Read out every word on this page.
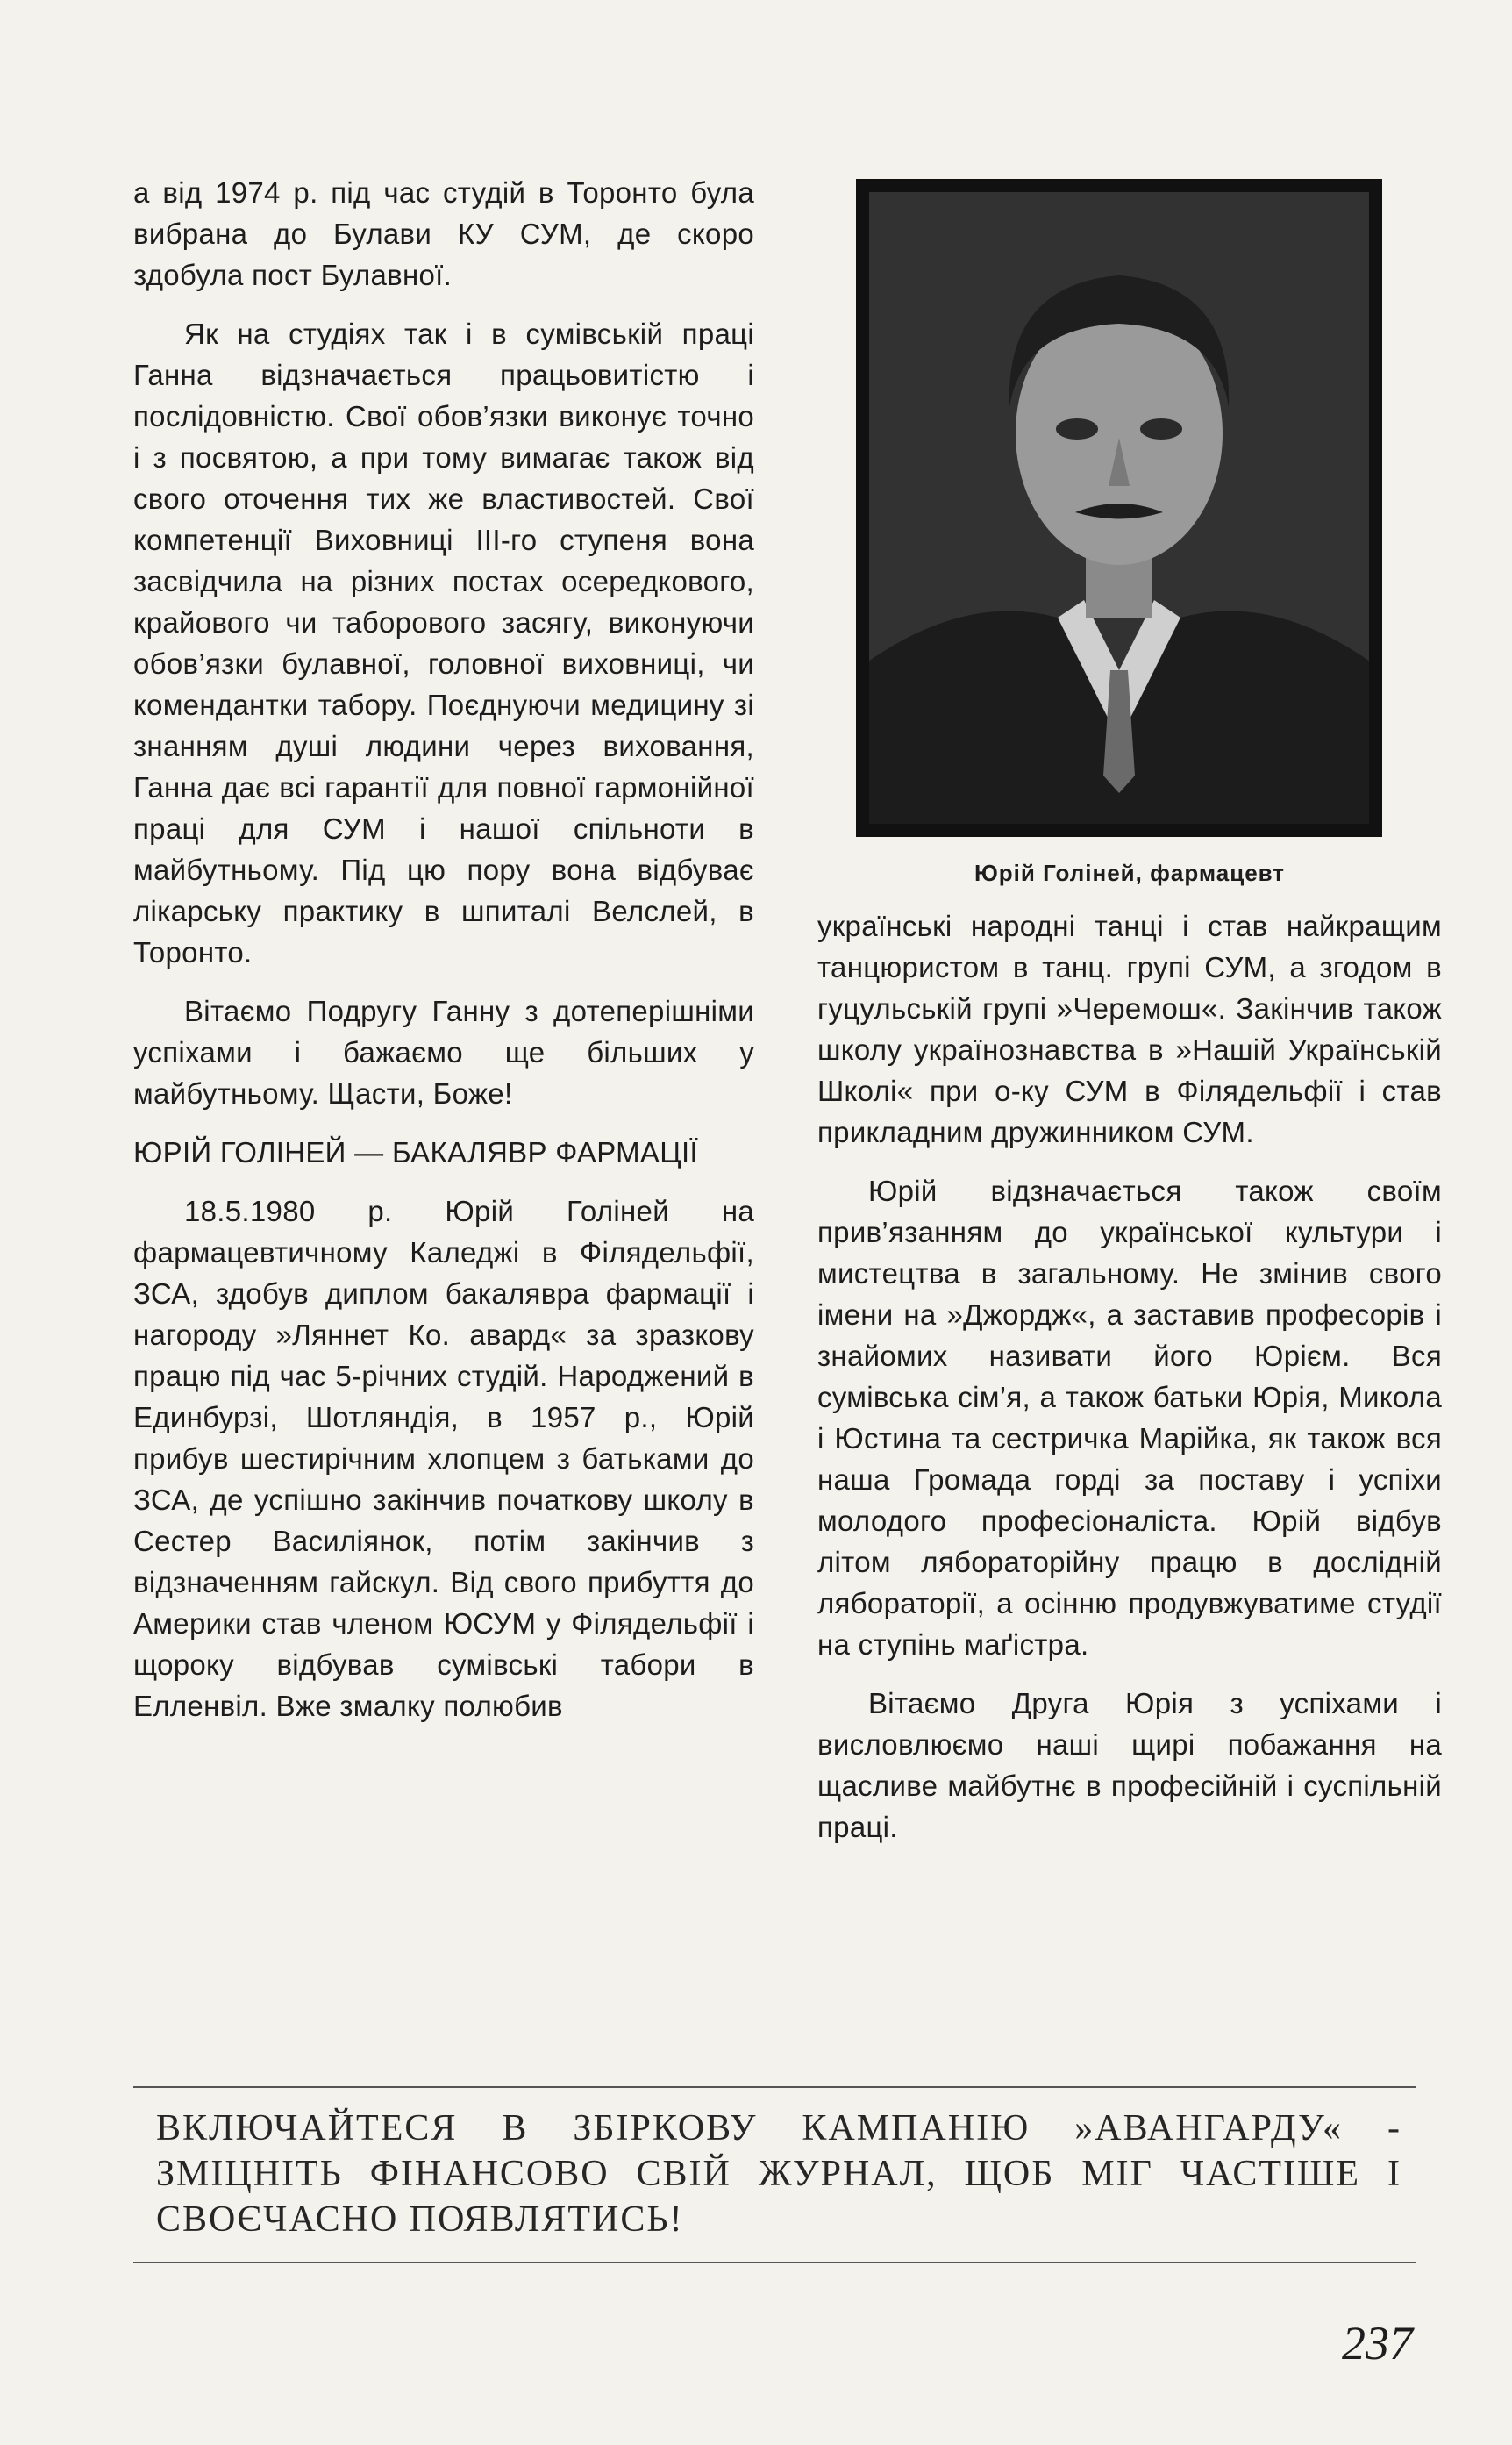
а від 1974 р. під час студій в Торонто була вибрана до Булави КУ СУМ, де скоро здобула пост Булавної.

Як на студіях так і в сумівській праці Ганна відзначається працьовитістю і послідовністю. Свої обов’язки виконує точно і з посвятою, а при тому вимагає також від свого оточення тих же властивостей. Свої компетенції Виховниці ІІІ-го ступеня вона засвідчила на різних постах осередкового, крайового чи таборового засягу, виконуючи обов’язки булавної, головної виховниці, чи комендантки табору. Поєднуючи медицину зі знанням душі людини через виховання, Ганна дає всі гарантії для повної гармонійної праці для СУМ і нашої спільноти в майбутньому. Під цю пору вона відбуває лікарську практику в шпиталі Велслей, в Торонто.

Вітаємо Подругу Ганну з дотеперішніми успіхами і бажаємо ще більших у майбутньому. Щасти, Боже!

ЮРІЙ ГОЛІНЕЙ — БАКАЛЯВР ФАРМАЦІЇ

18.5.1980 р. Юрій Голіней на фармацевтичному Каледжі в Філядельфії, ЗСА, здобув диплом бакалявра фармації і нагороду »Ляннет Ко. авард« за зразкову працю під час 5-річних студій. Народжений в Единбурзі, Шотляндія, в 1957 р., Юрій прибув шестирічним хлопцем з батьками до ЗСА, де успішно закінчив початкову школу в Сестер Василіянок, потім закінчив з відзначенням гайскул. Від свого прибуття до Америки став членом ЮСУМ у Філядельфії і щороку відбував сумівські табори в Елленвіл. Вже змалку полюбив

Юрій Голіней, фармацевт

українські народні танці і став найкращим танцюристом в танц. групі СУМ, а згодом в гуцульській групі »Черемош«. Закінчив також школу українознавства в »Нашій Українській Школі« при о-ку СУМ в Філядельфії і став прикладним дружинником СУМ.

Юрій відзначається також своїм прив’язанням до української культури і мистецтва в загальному. Не змінив свого імени на »Джордж«, а заставив професорів і знайомих називати його Юрієм. Вся сумівська сім’я, а також батьки Юрія, Микола і Юстина та сестричка Марійка, як також вся наша Громада горді за поставу і успіхи молодого професіоналіста. Юрій відбув літом лябораторійну працю в дослідній лябораторії, а осінню продувжуватиме студії на ступінь маґістра.

Вітаємо Друга Юрія з успіхами і висловлюємо нашi щирі побажання на щасливе майбутнє в професійній і суспільній праці.

ВКЛЮЧАЙТЕСЯ В ЗБІРКОВУ КАМПАНІЮ »АВАНГАРДУ« - ЗМІЦНІТЬ ФІНАНСОВО СВІЙ ЖУРНАЛ, ЩОБ МІГ ЧАСТІШЕ І СВОЄЧАСНО ПОЯВЛЯТИСЬ!
237
